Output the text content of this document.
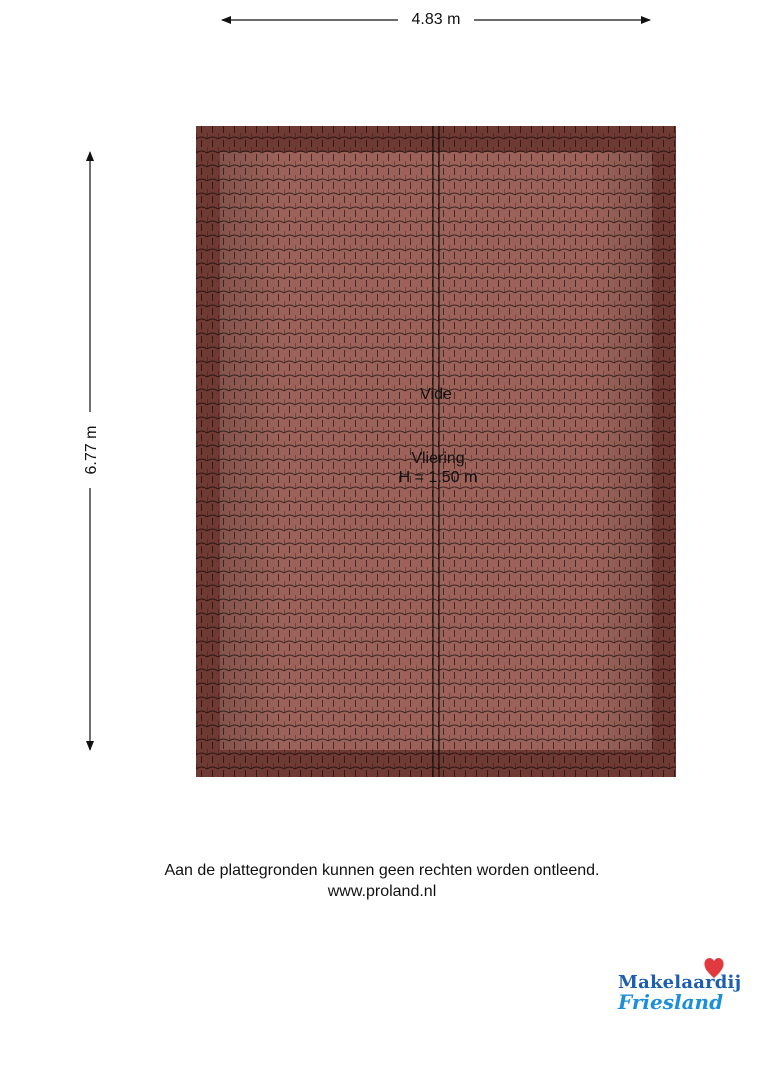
4.83 m
6.77 m
Vide
Vliering
H = 1.50 m
Aan de plattegronden kunnen geen rechten worden ontleend.
www.proland.nl
Makelaardij
Friesland
